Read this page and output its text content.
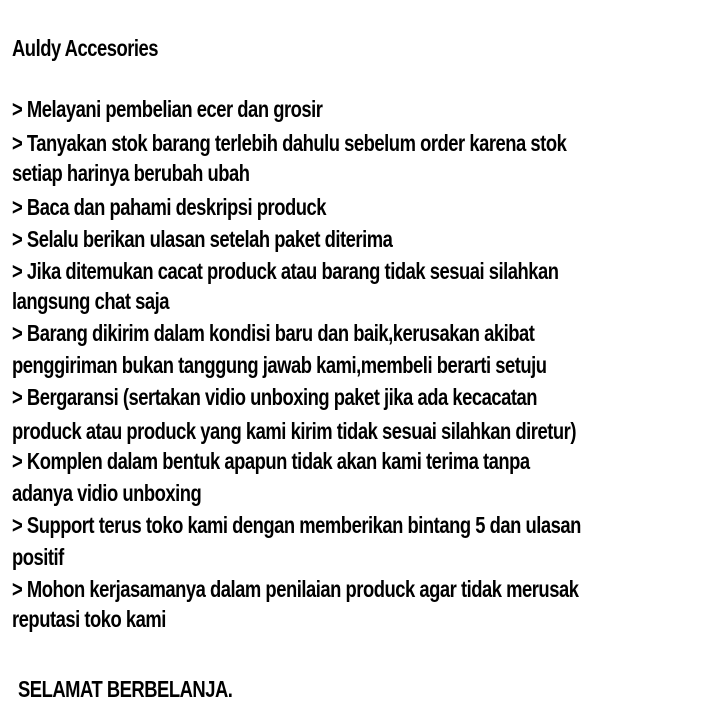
Auldy Accesories
> Melayani pembelian ecer dan grosir
> Tanyakan stok barang terlebih dahulu sebelum order karena stok
setiap harinya berubah ubah
> Baca dan pahami deskripsi produck
> Selalu berikan ulasan setelah paket diterima
> Jika ditemukan cacat produck atau barang tidak sesuai silahkan
langsung chat saja
> Barang dikirim dalam kondisi baru dan baik,kerusakan akibat
penggiriman bukan tanggung jawab kami,membeli berarti setuju
> Bergaransi (sertakan vidio unboxing paket jika ada kecacatan
produck atau produck yang kami kirim tidak sesuai silahkan diretur)
> Komplen dalam bentuk apapun tidak akan kami terima tanpa
adanya vidio unboxing
> Support terus toko kami dengan memberikan bintang 5 dan ulasan
positif
> Mohon kerjasamanya dalam penilaian produck agar tidak merusak
reputasi toko kami
SELAMAT BERBELANJA.
